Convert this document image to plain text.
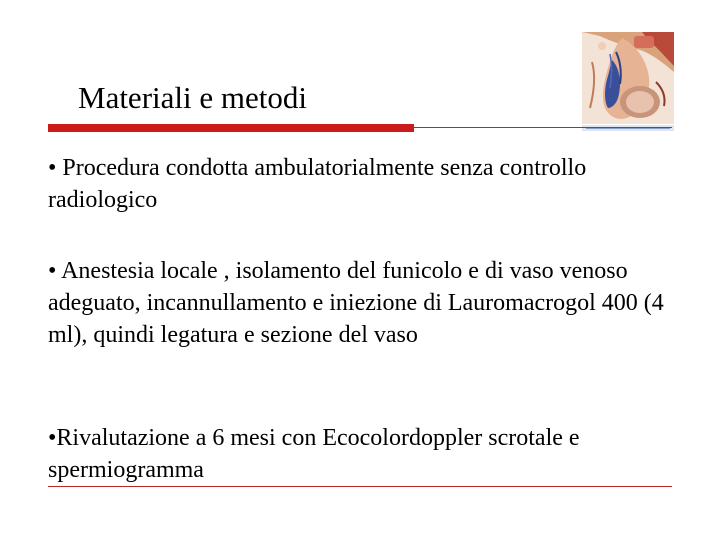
Materiali e metodi
• Procedura condotta ambulatorialmente senza controllo radiologico
• Anestesia locale , isolamento del funicolo e di vaso venoso adeguato, incannullamento e iniezione di Lauromacrogol 400 (4 ml), quindi legatura e sezione del vaso
•Rivalutazione a 6 mesi con Ecocolordoppler scrotale e spermiogramma
